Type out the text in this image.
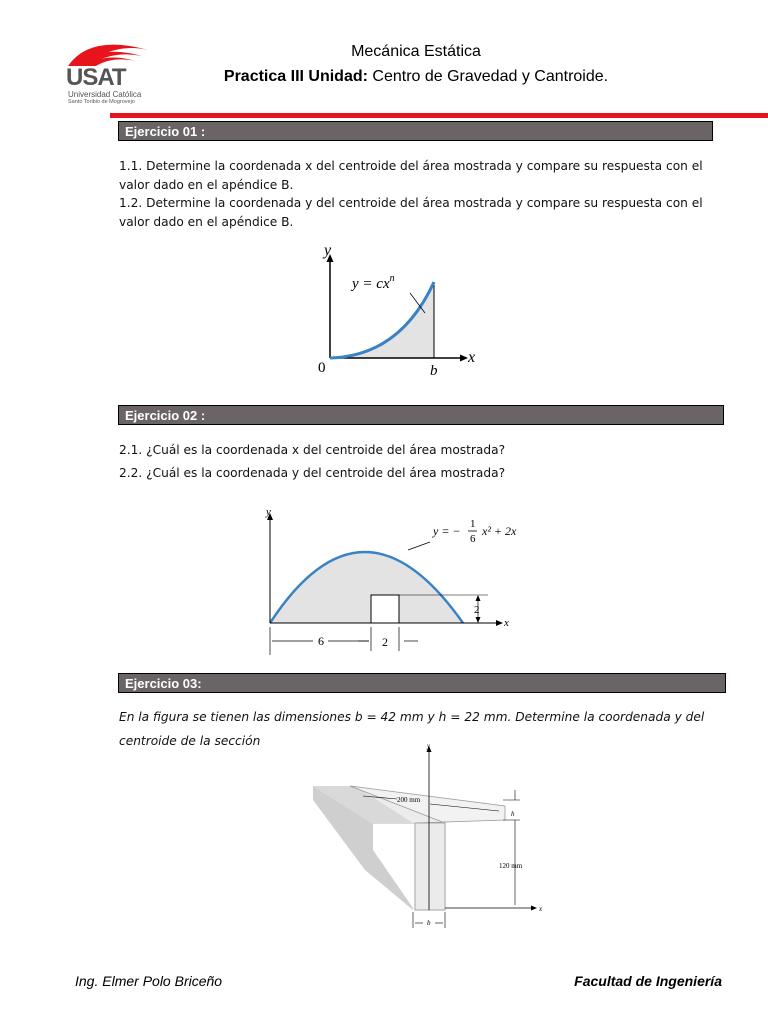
USAT
Universidad Católica
Santo Toribio de Mogrovejo
Mecánica Estática
Practica III Unidad: Centro de Gravedad y Cantroide.
Ejercicio 01 :
1.1. Determine la coordenada x del centroide del área mostrada y compare su respuesta con el valor dado en el apéndice B.
1.2. Determine la coordenada y del centroide del área mostrada y compare su respuesta con el valor dado en el apéndice B.
y
x
0	b
$y = cx^n$
Ejercicio 02 :
2.1. ¿Cuál es la coordenada x del centroide del área mostrada?
2.2. ¿Cuál es la coordenada y del centroide del área mostrada?
y
x
6	2
2
y = − 1
6
x² + 2x
Ejercicio 03:
En la figura se tienen las dimensiones b = 42 mm y h = 22 mm. Determine la coordenada y del centroide de la sección	y
x
200 mm
h
120 mm
b
Ing. Elmer Polo Briceño	Facultad de Ingeniería
